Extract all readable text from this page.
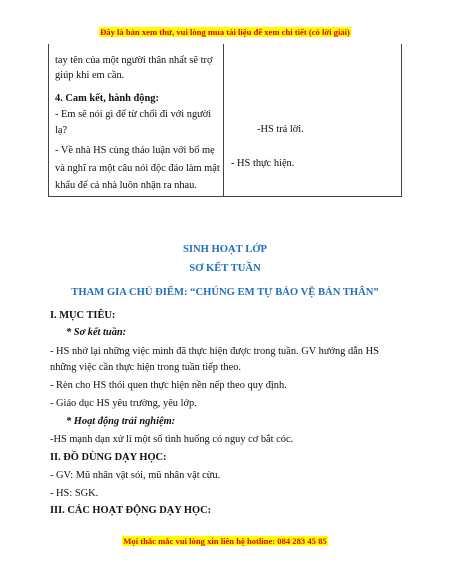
Đây là bản xem thử, vui lòng mua tài liệu để xem chi tiết (có lời giải)
tay tên của một người thân nhất sẽ trợ
giúp khi em cần.
4. Cam kết, hành động:
- Em sẽ nói gì để từ chối đi với người
lạ?
- Về nhà HS cùng thảo luận với bố mẹ
và nghĩ ra một câu nói độc đáo làm mật
khẩu để cả nhà luôn nhận ra nhau.
-HS trả lời.
- HS thực hiện.
SINH HOẠT LỚP
SƠ KẾT TUẦN
THAM GIA CHỦ ĐIỂM: “CHÚNG EM TỰ BẢO VỆ BẢN THÂN”
I. MỤC TIÊU:
* Sơ kết tuần:
- HS nhớ lại những việc mình đã thực hiện được trong tuần. GV hướng dẫn HS
những việc cần thực hiện trong tuần tiếp theo.
- Rèn cho HS thói quen thực hiện nền nếp theo quy định.
- Giáo dục HS yêu trường, yêu lớp.
* Hoạt động trải nghiệm:
-HS mạnh dạn xử lí một số tình huống có nguy cơ bắt cóc.
II. ĐỒ DÙNG DẠY HỌC:
- GV: Mũ nhân vật sói, mũ nhân vật cừu.
- HS: SGK.
III. CÁC HOẠT ĐỘNG DẠY HỌC:
Mọi thắc mắc vui lòng xin liên hệ hotline: 084 283 45 85
